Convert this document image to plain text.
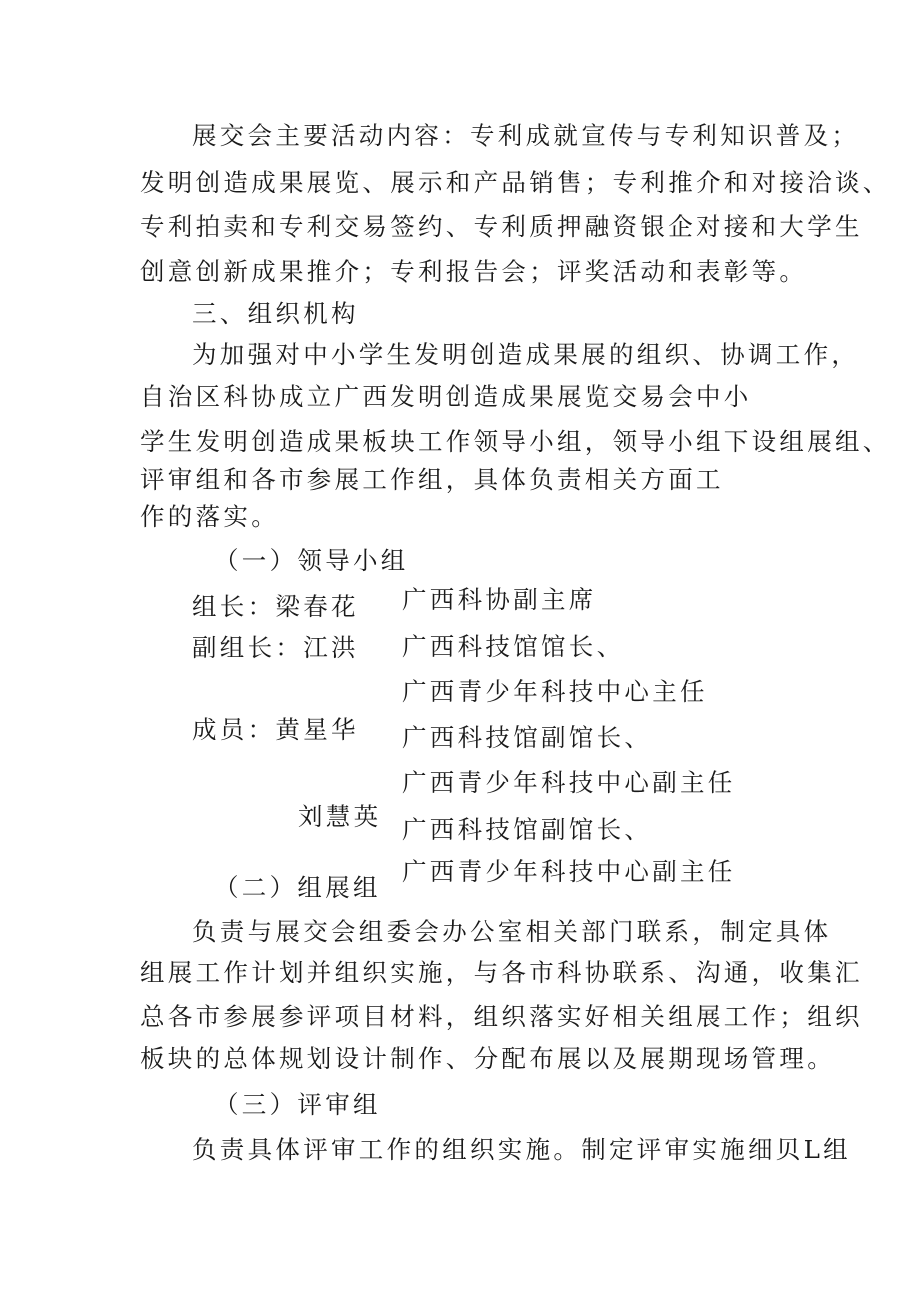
展交会主要活动内容：专利成就宣传与专利知识普及；
发明创造成果展览、展示和产品销售；专利推介和对接洽谈、
专利拍卖和专利交易签约、专利质押融资银企对接和大学生
创意创新成果推介；专利报告会；评奖活动和表彰等。
三、组织机构
为加强对中小学生发明创造成果展的组织、协调工作，
自治区科协成立广西发明创造成果展览交易会中小
学生发明创造成果板块工作领导小组，领导小组下设组展组、
评审组和各市参展工作组，具体负责相关方面工
作的落实。
（一）领导小组
组长：梁春花 广西科协副主席
副组长：江洪	广西科技馆馆长、
广西青少年科技中心主任
成员：黄星华 广西科技馆副馆长、
广西青少年科技中心副主任
刘慧英 广西科技馆副馆长、
广西青少年科技中心副主任
（二）组展组
负责与展交会组委会办公室相关部门联系，制定具体
组展工作计划并组织实施，与各市科协联系、沟通，收集汇
总各市参展参评项目材料，组织落实好相关组展工作；组织
板块的总体规划设计制作、分配布展以及展期现场管理。
（三）评审组
负责具体评审工作的组织实施。制定评审实施细贝L组
